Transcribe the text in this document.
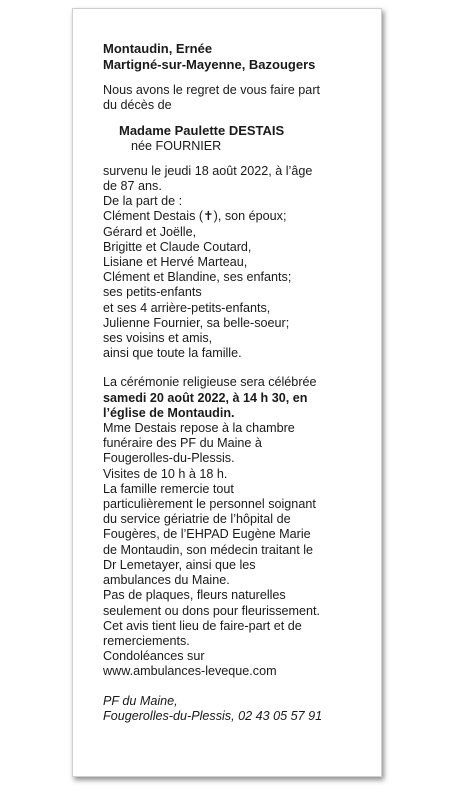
Montaudin, Ernée
Martigné-sur-Mayenne, Bazougers
Nous avons le regret de vous faire part
du décès de
Madame Paulette DESTAIS
née FOURNIER
survenu le jeudi 18 août 2022, à l’âge
de 87 ans.
De la part de :
Clément Destais (✝), son époux;
Gérard et Joëlle,
Brigitte et Claude Coutard,
Lisiane et Hervé Marteau,
Clément et Blandine, ses enfants;
ses petits-enfants
et ses 4 arrière-petits-enfants,
Julienne Fournier, sa belle-soeur;
ses voisins et amis,
ainsi que toute la famille.
La cérémonie religieuse sera célébrée
samedi 20 août 2022, à 14 h 30, en
l’église de Montaudin.
Mme Destais repose à la chambre
funéraire des PF du Maine à
Fougerolles-du-Plessis.
Visites de 10 h à 18 h.
La famille remercie tout
particulièrement le personnel soignant
du service gériatrie de l’hôpital de
Fougères, de l’EHPAD Eugène Marie
de Montaudin, son médecin traitant le
Dr Lemetayer, ainsi que les
ambulances du Maine.
Pas de plaques, fleurs naturelles
seulement ou dons pour fleurissement.
Cet avis tient lieu de faire-part et de
remerciements.
Condoléances sur
www.ambulances-leveque.com
PF du Maine,
Fougerolles-du-Plessis, 02 43 05 57 91
